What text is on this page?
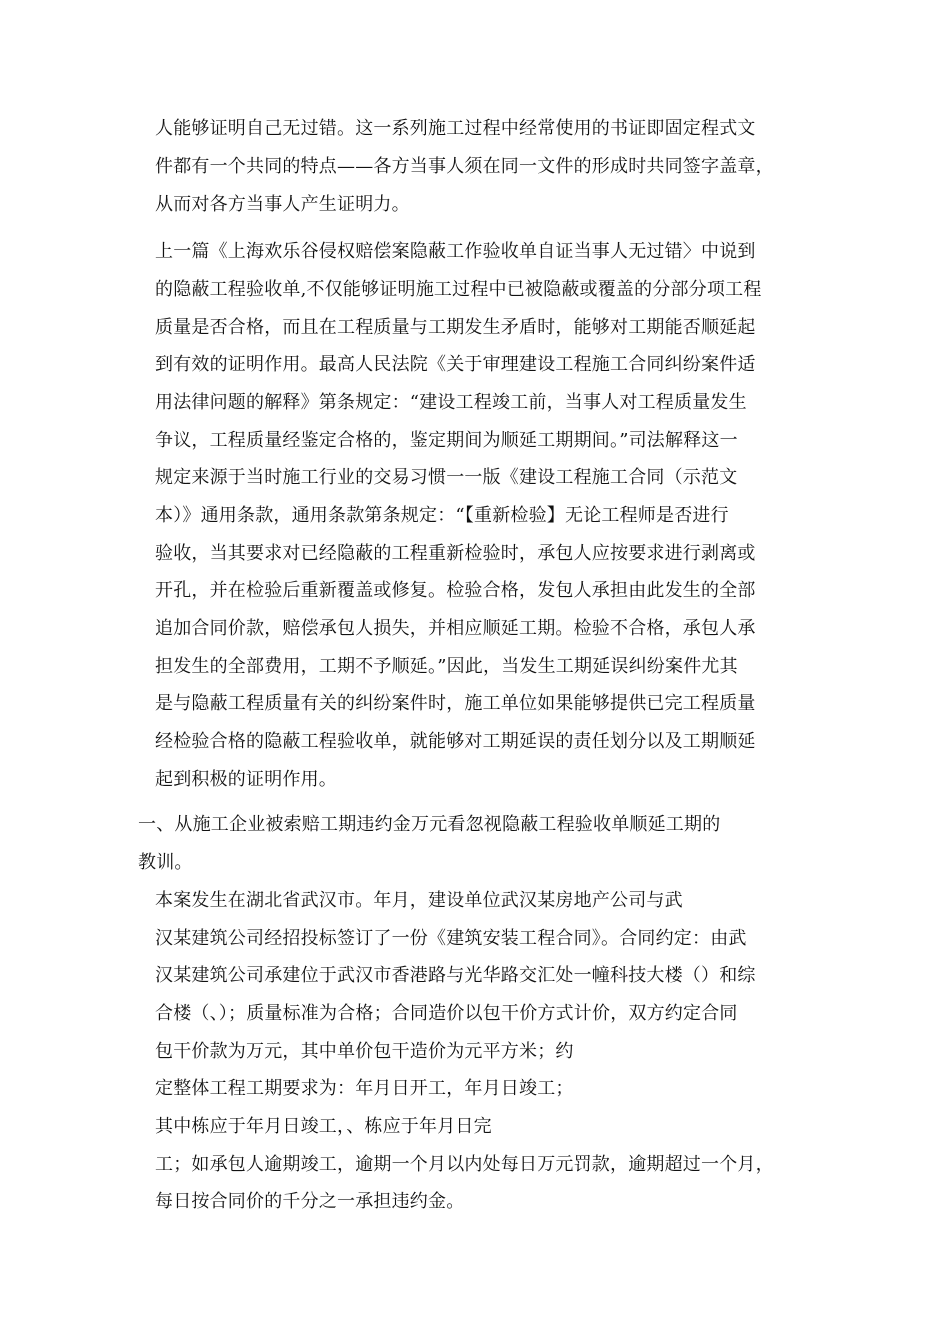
人能够证明自己无过错。这一系列施工过程中经常使用的书证即固定程式文
件都有一个共同的特点——各方当事人须在同一文件的形成时共同签字盖章，
从而对各方当事人产生证明力。
上一篇《上海欢乐谷侵权赔偿案隐蔽工作验收单自证当事人无过错〉中说到
的隐蔽工程验收单,不仅能够证明施工过程中已被隐蔽或覆盖的分部分项工程
质量是否合格，而且在工程质量与工期发生矛盾时，能够对工期能否顺延起
到有效的证明作用。最高人民法院《关于审理建设工程施工合同纠纷案件适
用法律问题的解释》第条规定：“建设工程竣工前，当事人对工程质量发生
争议，工程质量经鉴定合格的，鉴定期间为顺延工期期间。”司法解释这一
规定来源于当时施工行业的交易习惯一一版《建设工程施工合同（示范文
本）》通用条款，通用条款第条规定：“【重新检验】无论工程师是否进行
验收，当其要求对已经隐蔽的工程重新检验时，承包人应按要求进行剥离或
开孔，并在检验后重新覆盖或修复。检验合格，发包人承担由此发生的全部
追加合同价款，赔偿承包人损失，并相应顺延工期。检验不合格，承包人承
担发生的全部费用，工期不予顺延。”因此，当发生工期延误纠纷案件尤其
是与隐蔽工程质量有关的纠纷案件时，施工单位如果能够提供已完工程质量
经检验合格的隐蔽工程验收单，就能够对工期延误的责任划分以及工期顺延
起到积极的证明作用。
一、从施工企业被索赔工期违约金万元看忽视隐蔽工程验收单顺延工期的
教训。
本案发生在湖北省武汉市。年月，建设单位武汉某房地产公司与武
汉某建筑公司经招投标签订了一份《建筑安装工程合同》。合同约定：由武
汉某建筑公司承建位于武汉市香港路与光华路交汇处一幢科技大楼（）和综
合楼（、）；质量标准为合格；合同造价以包干价方式计价，双方约定合同
包干价款为万元，其中单价包干造价为元平方米；约
定整体工程工期要求为：年月日开工，年月日竣工；
其中栋应于年月日竣工，、栋应于年月日完
工；如承包人逾期竣工，逾期一个月以内处每日万元罚款，逾期超过一个月，
每日按合同价的千分之一承担违约金。
